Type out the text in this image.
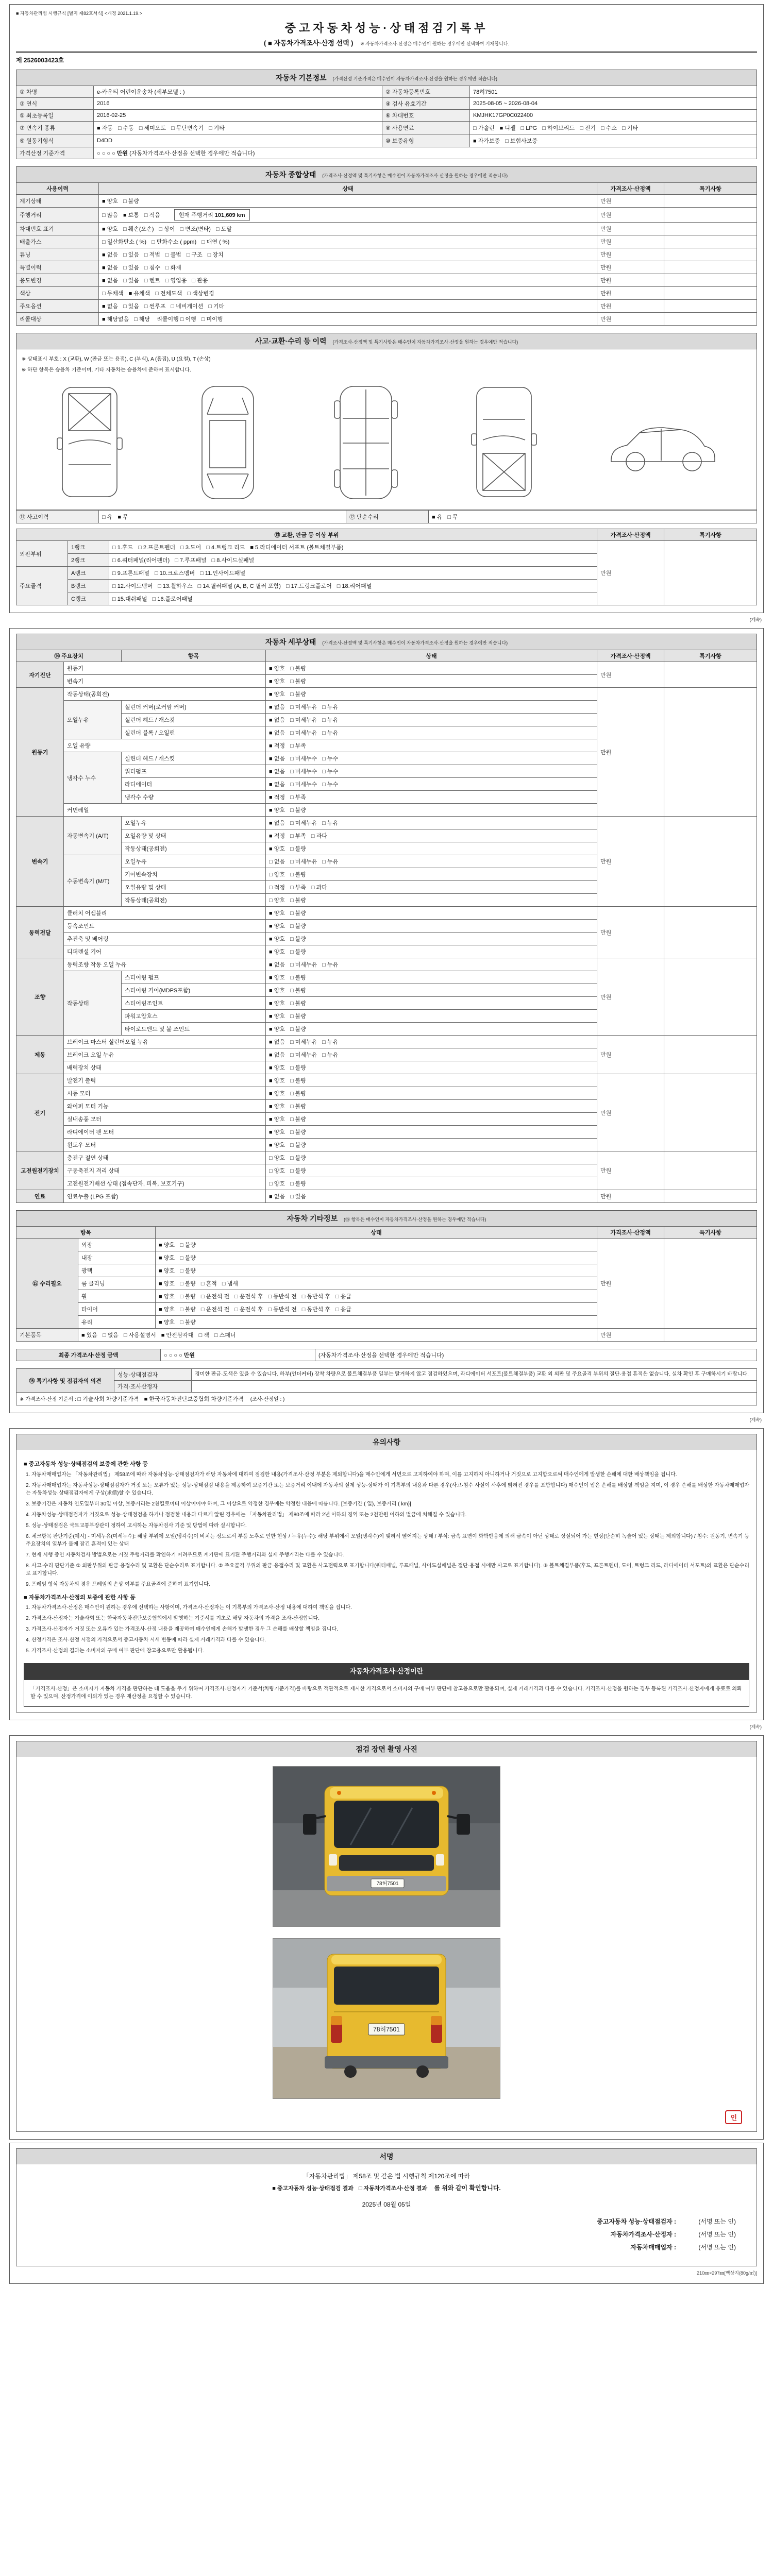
■ 자동차관리법 시행규칙 [별지 제82호서식] <개정 2021.1.19.>
중고자동차성능·상태점검기록부
( ■ 자동차가격조사·산정 선택 ) ※ 자동차가격조사·산정은 매수인이 원하는 경우에만 선택하여 기재합니다.
제 2526003423호
자동차 기본정보 (가격산정 기준가격은 매수인이 자동차가격조사·산정을 원하는 경우에만 적습니다)
① 차명	e-카운티 어린이운송차 (세부모델 : )	② 자동차등록번호	78허7501
③ 연식	2016	④ 검사 유효기간	2025-08-05 ~ 2026-08-04
⑤ 최초등록일	2016-02-25	⑥ 차대번호	KMJHK17GP0C022400
⑦ 변속기 종류	■ 자동 □ 수동 □ 세미오토 □ 무단변속기 □ 기타	⑧ 사용연료	□ 가솔린 ■ 디젤 □ LPG □ 하이브리드 □ 전기 □ 수소 □ 기타
⑨ 원동기형식	D4DD	⑩ 보증유형	■ 자가보증 □ 보험사보증
가격산정 기준가격	○ ○ ○ ○ 만원 (자동차가격조사·산정을 선택한 경우에만 적습니다)		
자동차 종합상태 (가격조사·산정액 및 특기사항은 매수인이 자동차가격조사·산정을 원하는 경우에만 적습니다)
사용이력	상태	가격조사·산정액	특기사항
계기상태	■ 양호 □ 불량	만원	
주행거리	□ 많음 ■ 보통 □ 적음 현재 주행거리 101,609 km	만원	
차대번호 표기	■ 양호 □ 훼손(오손) □ 상이 □ 변조(변타) □ 도말	만원	
배출가스	□ 일산화탄소 ( %) □ 탄화수소 ( ppm) □ 매연 ( %)	만원	
튜닝	■ 없음 □ 있음 □ 적법 □ 불법 □ 구조 □ 장치	만원	
특별이력	■ 없음 □ 있음 □ 침수 □ 화재	만원	
용도변경	■ 없음 □ 있음 □ 렌트 □ 영업용 □ 관용	만원	
색상	□ 무채색 ■ 유채색 □ 전체도색 □ 색상변경	만원	
주요옵션	■ 없음 □ 있음 □ 썬루프 □ 네비게이션 □ 기타	만원	
리콜대상	■ 해당없음 □ 해당 리콜이행 □ 이행 □ 미이행	만원	
사고·교환·수리 등 이력 (가격조사·산정액 및 특기사항은 매수인이 자동차가격조사·산정을 원하는 경우에만 적습니다)
※ 상태표시 부호 : X (교환), W (판금 또는 용접), C (부식), A (흠집), U (요철), T (손상)
※ 하단 항목은 승용차 기준이며, 기타 자동차는 승용차에 준하여 표시합니다.
⑪ 사고이력	□ 유 ■ 무	⑫ 단순수리	■ 유 □ 무
⑬ 교환, 판금 등 이상 부위			가격조사·산정액	특기사항
외판부위	1랭크	□ 1.후드 □ 2.프론트펜더 □ 3.도어 □ 4.트렁크 리드 ■ 5.라디에이터 서포트 (볼트체결부품)	만원	
	2랭크	□ 6.쿼터패널(리어펜더) □ 7.루프패널 □ 8.사이드실패널		
주요골격	A랭크	□ 9.프론트패널 □ 10.크로스멤버 □ 11.인사이드패널		
	B랭크	□ 12.사이드멤버 □ 13.휠하우스 □ 14.필러패널 (A, B, C 필러 포함) □ 17.트렁크플로어 □ 18.리어패널		
	C랭크	□ 15.대쉬패널 □ 16.플로어패널		
(계속)
자동차 세부상태 (가격조사·산정액 및 특기사항은 매수인이 자동차가격조사·산정을 원하는 경우에만 적습니다)
⑭ 주요장치		항목	상태	가격조사·산정액	특기사항
자기진단	원동기		■ 양호 □ 불량	만원	
	변속기		■ 양호 □ 불량		
원동기	작동상태(공회전)		■ 양호 □ 불량	만원	
	오일누유	실린더 커버(로커암 커버)	■ 없음 □ 미세누유 □ 누유		
		실린더 헤드 / 개스킷	■ 없음 □ 미세누유 □ 누유		
		실린더 블록 / 오일팬	■ 없음 □ 미세누유 □ 누유		
	오일 유량		■ 적정 □ 부족		
	냉각수 누수	실린더 헤드 / 개스킷	■ 없음 □ 미세누수 □ 누수		
		워터펌프	■ 없음 □ 미세누수 □ 누수		
		라디에이터	■ 없음 □ 미세누수 □ 누수		
		냉각수 수량	■ 적정 □ 부족		
	커먼레일		■ 양호 □ 불량		
변속기	자동변속기 (A/T)	오일누유	■ 없음 □ 미세누유 □ 누유	만원	
		오일유량 및 상태	■ 적정 □ 부족 □ 과다		
		작동상태(공회전)	■ 양호 □ 불량		
	수동변속기 (M/T)	오일누유	□ 없음 □ 미세누유 □ 누유		
		기어변속장치	□ 양호 □ 불량		
		오일유량 및 상태	□ 적정 □ 부족 □ 과다		
		작동상태(공회전)	□ 양호 □ 불량		
동력전달	클러치 어셈블리		■ 양호 □ 불량	만원	
	등속조인트		■ 양호 □ 불량		
	추진축 및 베어링		■ 양호 □ 불량		
	디퍼렌셜 기어		■ 양호 □ 불량		
조향	동력조향 작동 오일 누유		■ 없음 □ 미세누유 □ 누유	만원	
	작동상태	스티어링 펌프	■ 양호 □ 불량		
		스티어링 기어(MDPS포함)	■ 양호 □ 불량		
		스티어링조인트	■ 양호 □ 불량		
		파워고압호스	■ 양호 □ 불량		
		타이로드엔드 및 볼 조인트	■ 양호 □ 불량		
제동	브레이크 마스터 실린더오일 누유		■ 없음 □ 미세누유 □ 누유	만원	
	브레이크 오일 누유		■ 없음 □ 미세누유 □ 누유		
	배력장치 상태		■ 양호 □ 불량		
전기	발전기 출력		■ 양호 □ 불량	만원	
	시동 모터		■ 양호 □ 불량		
	와이퍼 모터 기능		■ 양호 □ 불량		
	실내송풍 모터		■ 양호 □ 불량		
	라디에이터 팬 모터		■ 양호 □ 불량		
	윈도우 모터		■ 양호 □ 불량		
고전원전기장치	충전구 절연 상태		□ 양호 □ 불량	만원	
	구동축전지 격리 상태		□ 양호 □ 불량		
	고전원전기배선 상태 (접속단자, 피복, 보호기구)		□ 양호 □ 불량		
연료	연료누출 (LPG 포함)		■ 없음 □ 있음	만원	
자동차 기타정보 (⑮ 항목은 매수인이 자동차가격조사·산정을 원하는 경우에만 적습니다)
항목		상태	가격조사·산정액	특기사항
⑮ 수리필요	외장	■ 양호 □ 불량	만원	
	내장	■ 양호 □ 불량		
	광택	■ 양호 □ 불량		
	룸 클리닝	■ 양호 □ 불량 □ 흔적 □ 냄새		
	휠	■ 양호 □ 불량 □ 운전석 전 □ 운전석 후 □ 동반석 전 □ 동반석 후 □ 응급		
	타이어	■ 양호 □ 불량 □ 운전석 전 □ 운전석 후 □ 동반석 전 □ 동반석 후 □ 응급		
	유리	■ 양호 □ 불량		
기본품목	■ 있음 □ 없음 □ 사용설명서 ■ 안전삼각대 □ 잭 □ 스패너		만원	
최종 가격조사·산정 금액	○ ○ ○ ○ 만원	(자동차가격조사·산정을 선택한 경우에만 적습니다)
⑯ 특기사항 및 점검자의 의견	성능·상태점검자	경미한 판금·도색은 있을 수 있습니다. 하부(언더커버) 장착 차량으로 볼트체결부품 일부는 탈거하지 않고 점검하였으며, 라디에이터 서포트(볼트체결부품) 교환 외 외판 및 주요골격 부위의 절단·용접 흔적은 없습니다. 실차 확인 후 구매하시기 바랍니다.
	가격·조사산정자	
※ 가격조사·산정 기준서 : □ 기술사회 차량기준가격 ■ 한국자동차진단보증협회 차량기준가격 (조사·산정일 : )		
(계속)
유의사항
■ 중고자동차 성능·상태점검의 보증에 관한 사항 등
1. 자동차매매업자는 「자동차관리법」 제58조에 따라 자동차성능·상태점검자가 해당 자동차에 대하여 점검한 내용(가격조사·산정 부분은 제외합니다)을 매수인에게 서면으로 고지하여야 하며, 이를 고지하지 아니하거나 거짓으로 고지함으로써 매수인에게 발생한 손해에 대한 배상책임을 집니다.
2. 자동차매매업자는 자동차성능·상태점검자가 거짓 또는 오류가 있는 성능·상태점검 내용을 제공하여 보증기간 또는 보증거리 이내에 자동차의 실제 성능·상태가 이 기록부의 내용과 다른 경우(사고·침수 사실이 사후에 밝혀진 경우를 포함합니다) 매수인이 입은 손해를 배상할 책임을 지며, 이 경우 손해를 배상한 자동차매매업자는 자동차성능·상태점검자에게 구상(求償)할 수 있습니다.
3. 보증기간은 자동차 인도일부터 30일 이상, 보증거리는 2천킬로미터 이상이어야 하며, 그 이상으로 약정한 경우에는 약정한 내용에 따릅니다. [보증기간 ( 일), 보증거리 ( km)]
4. 자동차성능·상태점검자가 거짓으로 성능·상태점검을 하거나 점검한 내용과 다르게 알린 경우에는 「자동차관리법」 제80조에 따라 2년 이하의 징역 또는 2천만원 이하의 벌금에 처해질 수 있습니다.
5. 성능·상태점검은 국토교통부장관이 정하여 고시하는 자동차검사 기준 및 방법에 따라 실시합니다.
6. 체크항목 판단기준(예시) - 미세누유(미세누수): 해당 부위에 오일(냉각수)이 비치는 정도로서 부품 노후로 인한 현상 / 누유(누수): 해당 부위에서 오일(냉각수)이 맺혀서 떨어지는 상태 / 부식: 금속 표면이 화학반응에 의해 금속이 아닌 상태로 상실되어 가는 현상(단순히 녹슬어 있는 상태는 제외합니다) / 침수: 원동기, 변속기 등 주요장치의 일부가 물에 잠긴 흔적이 있는 상태
7. 현재 시행 중인 자동차검사 방법으로는 거짓 주행거리를 확인하기 어려우므로 계기판에 표기된 주행거리와 실제 주행거리는 다를 수 있습니다.
8. 사고·수리 판단기준 ① 외판부위의 판금·용접수리 및 교환은 단순수리로 표기합니다. ② 주요골격 부위의 판금·용접수리 및 교환은 사고전력으로 표기합니다(쿼터패널, 루프패널, 사이드실패널은 절단·용접 시에만 사고로 표기합니다). ③ 볼트체결부품(후드, 프론트펜더, 도어, 트렁크 리드, 라디에이터 서포트)의 교환은 단순수리로 표기합니다.
9. 프레임 형식 자동차의 경우 프레임의 손상 여부를 주요골격에 준하여 표기합니다.
■ 자동차가격조사·산정의 보증에 관한 사항 등
1. 자동차가격조사·산정은 매수인이 원하는 경우에 선택하는 사항이며, 가격조사·산정자는 이 기록부의 가격조사·산정 내용에 대하여 책임을 집니다.
2. 가격조사·산정자는 기술사회 또는 한국자동차진단보증협회에서 발행하는 기준서를 기초로 해당 자동차의 가격을 조사·산정합니다.
3. 가격조사·산정자가 거짓 또는 오류가 있는 가격조사·산정 내용을 제공하여 매수인에게 손해가 발생한 경우 그 손해를 배상할 책임을 집니다.
4. 산정가격은 조사·산정 시점의 가격으로서 중고자동차 시세 변동에 따라 실제 거래가격과 다를 수 있습니다.
5. 가격조사·산정의 결과는 소비자의 구매 여부 판단에 참고용으로만 활용됩니다.
자동차가격조사·산정이란
「가격조사·산정」은 소비자가 자동차 가격을 판단하는 데 도움을 주기 위하여 가격조사·산정자가 기준서(차량기준가격)를 바탕으로 객관적으로 제시한 가격으로서 소비자의 구매 여부 판단에 참고용으로만 활용되며, 실제 거래가격과 다를 수 있습니다. 가격조사·산정을 원하는 경우 등록된 가격조사·산정자에게 유료로 의뢰할 수 있으며, 산정가격에 이의가 있는 경우 재산정을 요청할 수 있습니다.
(계속)
점검 장면 촬영 사진
78허7501
78허7501
인
서명
「자동차관리법」 제58조 및 같은 법 시행규칙 제120조에 따라
■ 중고자동차 성능·상태점검 결과 □ 자동차가격조사·산정 결과 를 위와 같이 확인합니다.
2025년 08월 05일
중고자동차 성능·상태점검자 :	(서명 또는 인)
자동차가격조사·산정자 :	(서명 또는 인)
자동차매매업자 :	(서명 또는 인)
210㎜×297㎜[백상지(80g/㎡)]
